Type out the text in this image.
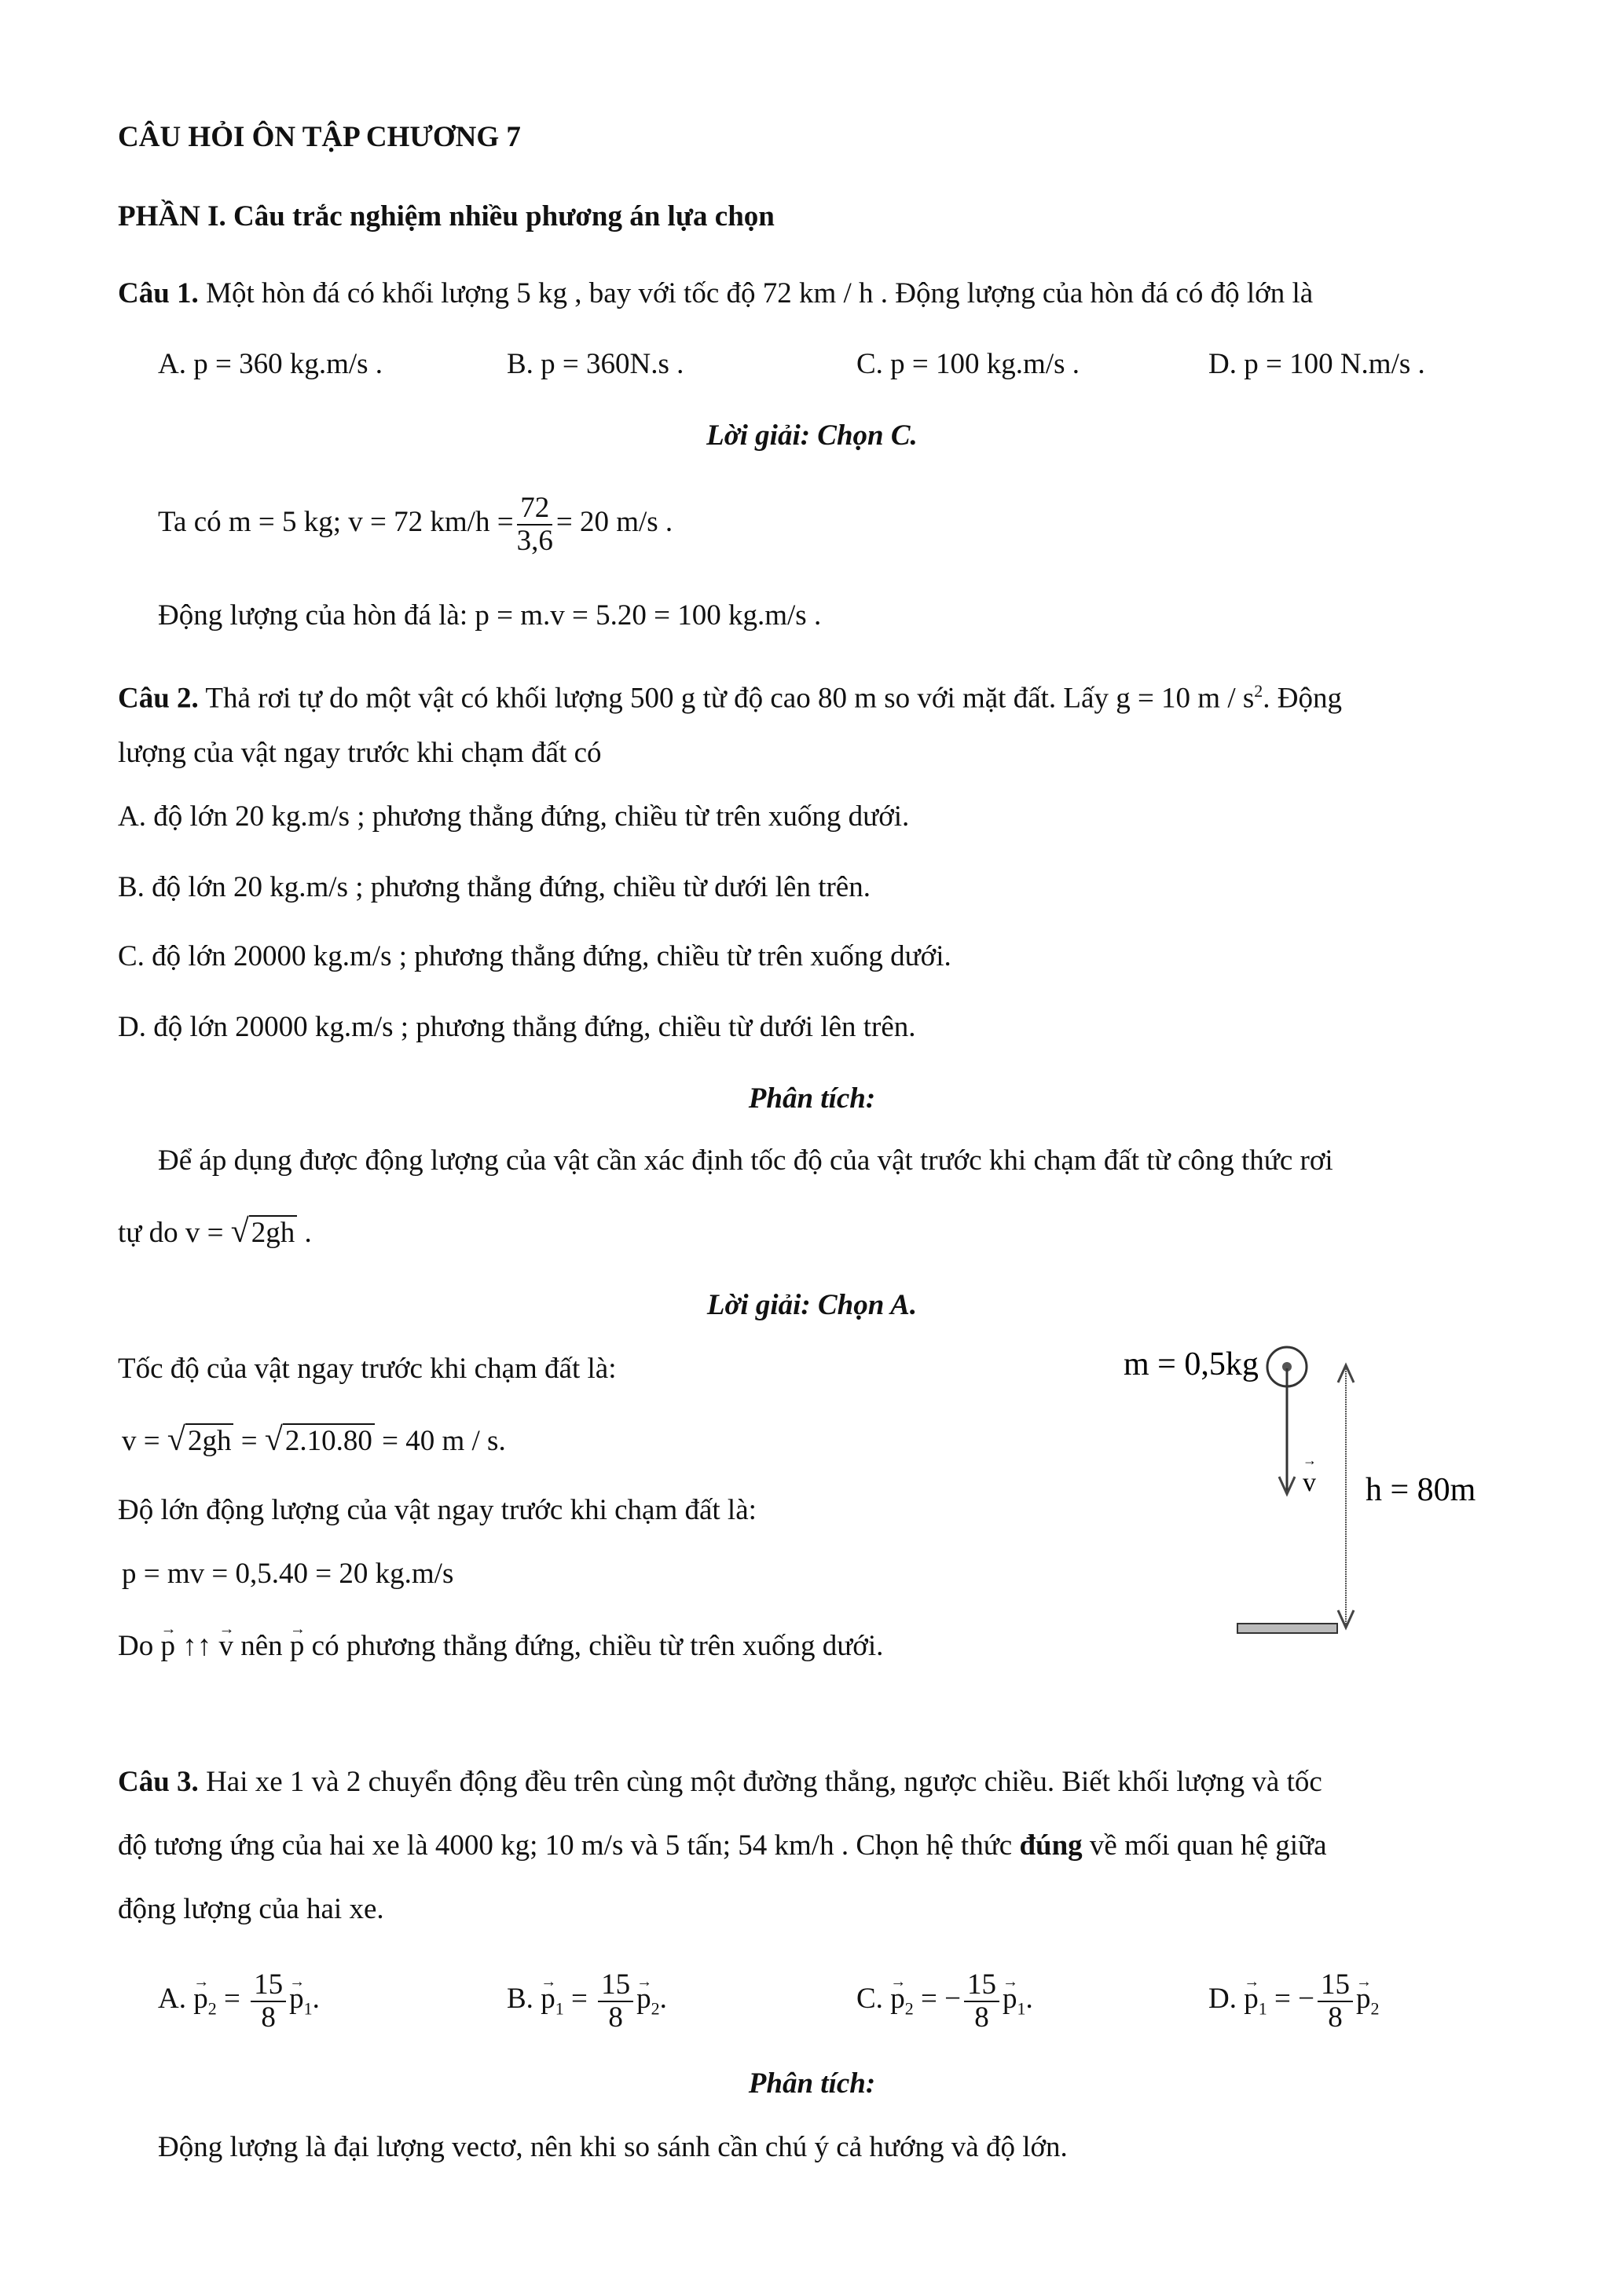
CÂU HỎI ÔN TẬP CHƯƠNG 7
PHẦN I. Câu trắc nghiệm nhiều phương án lựa chọn
Câu 1. Một hòn đá có khối lượng 5 kg , bay với tốc độ 72 km / h . Động lượng của hòn đá có độ lớn là
A. p = 360 kg.m/s .	B. p = 360N.s .	C. p = 100 kg.m/s .	D. p = 100 N.m/s .
Lời giải: Chọn C.
Ta có m = 5 kg; v = 72 $km/h = \frac{72}{3,6} = 20$ m/s .
Động lượng của hòn đá là: p = m.v = 5.20 = 100 kg.m/s .
Câu 2. Thả rơi tự do một vật có khối lượng 500 g từ độ cao 80 m so với mặt đất. Lấy g = 10 m / $s^2$. Động
lượng của vật ngay trước khi chạm đất có
A. độ lớn 20 kg.m/s ; phương thẳng đứng, chiều từ trên xuống dưới.
B. độ lớn 20 kg.m/s ; phương thẳng đứng, chiều từ dưới lên trên.
C. độ lớn 20000 kg.m/s ; phương thẳng đứng, chiều từ trên xuống dưới.
D. độ lớn 20000 kg.m/s ; phương thẳng đứng, chiều từ dưới lên trên.
Phân tích:
Để áp dụng được động lượng của vật cần xác định tốc độ của vật trước khi chạm đất từ công thức rơi
tự do v = √2gh .
Lời giải: Chọn A.
Tốc độ của vật ngay trước khi chạm đất là:
v = √2gh = √2.10.80 = 40 m / s.
Độ lớn động lượng của vật ngay trước khi chạm đất là:
p = mv = 0,5.40 = 20 kg.m/s
Do → p ↑↑ → v nên → p có phương thẳng đứng, chiều từ trên xuống dưới.
m = 0,5kg
v
→
h = 80m
Câu 3. Hai xe 1 và 2 chuyển động đều trên cùng một đường thẳng, ngược chiều. Biết khối lượng và tốc
độ tương ứng của hai xe là 4000 kg; 10 m/s và 5 tấn; 54 km/h . Chọn hệ thức đúng về mối quan hệ giữa
động lượng của hai xe.
A. → $p_2 = \frac{15}{8} \to p_1$.	B. → $p_1 = \frac{15}{8} \to p_2$.	C. → $p_2$ = − $\frac{15}{8} \to p_1$.	D. → $p_1$ = − $\frac{15}{8} \to p_2$
Phân tích:
Động lượng là đại lượng vectơ, nên khi so sánh cần chú ý cả hướng và độ lớn.
